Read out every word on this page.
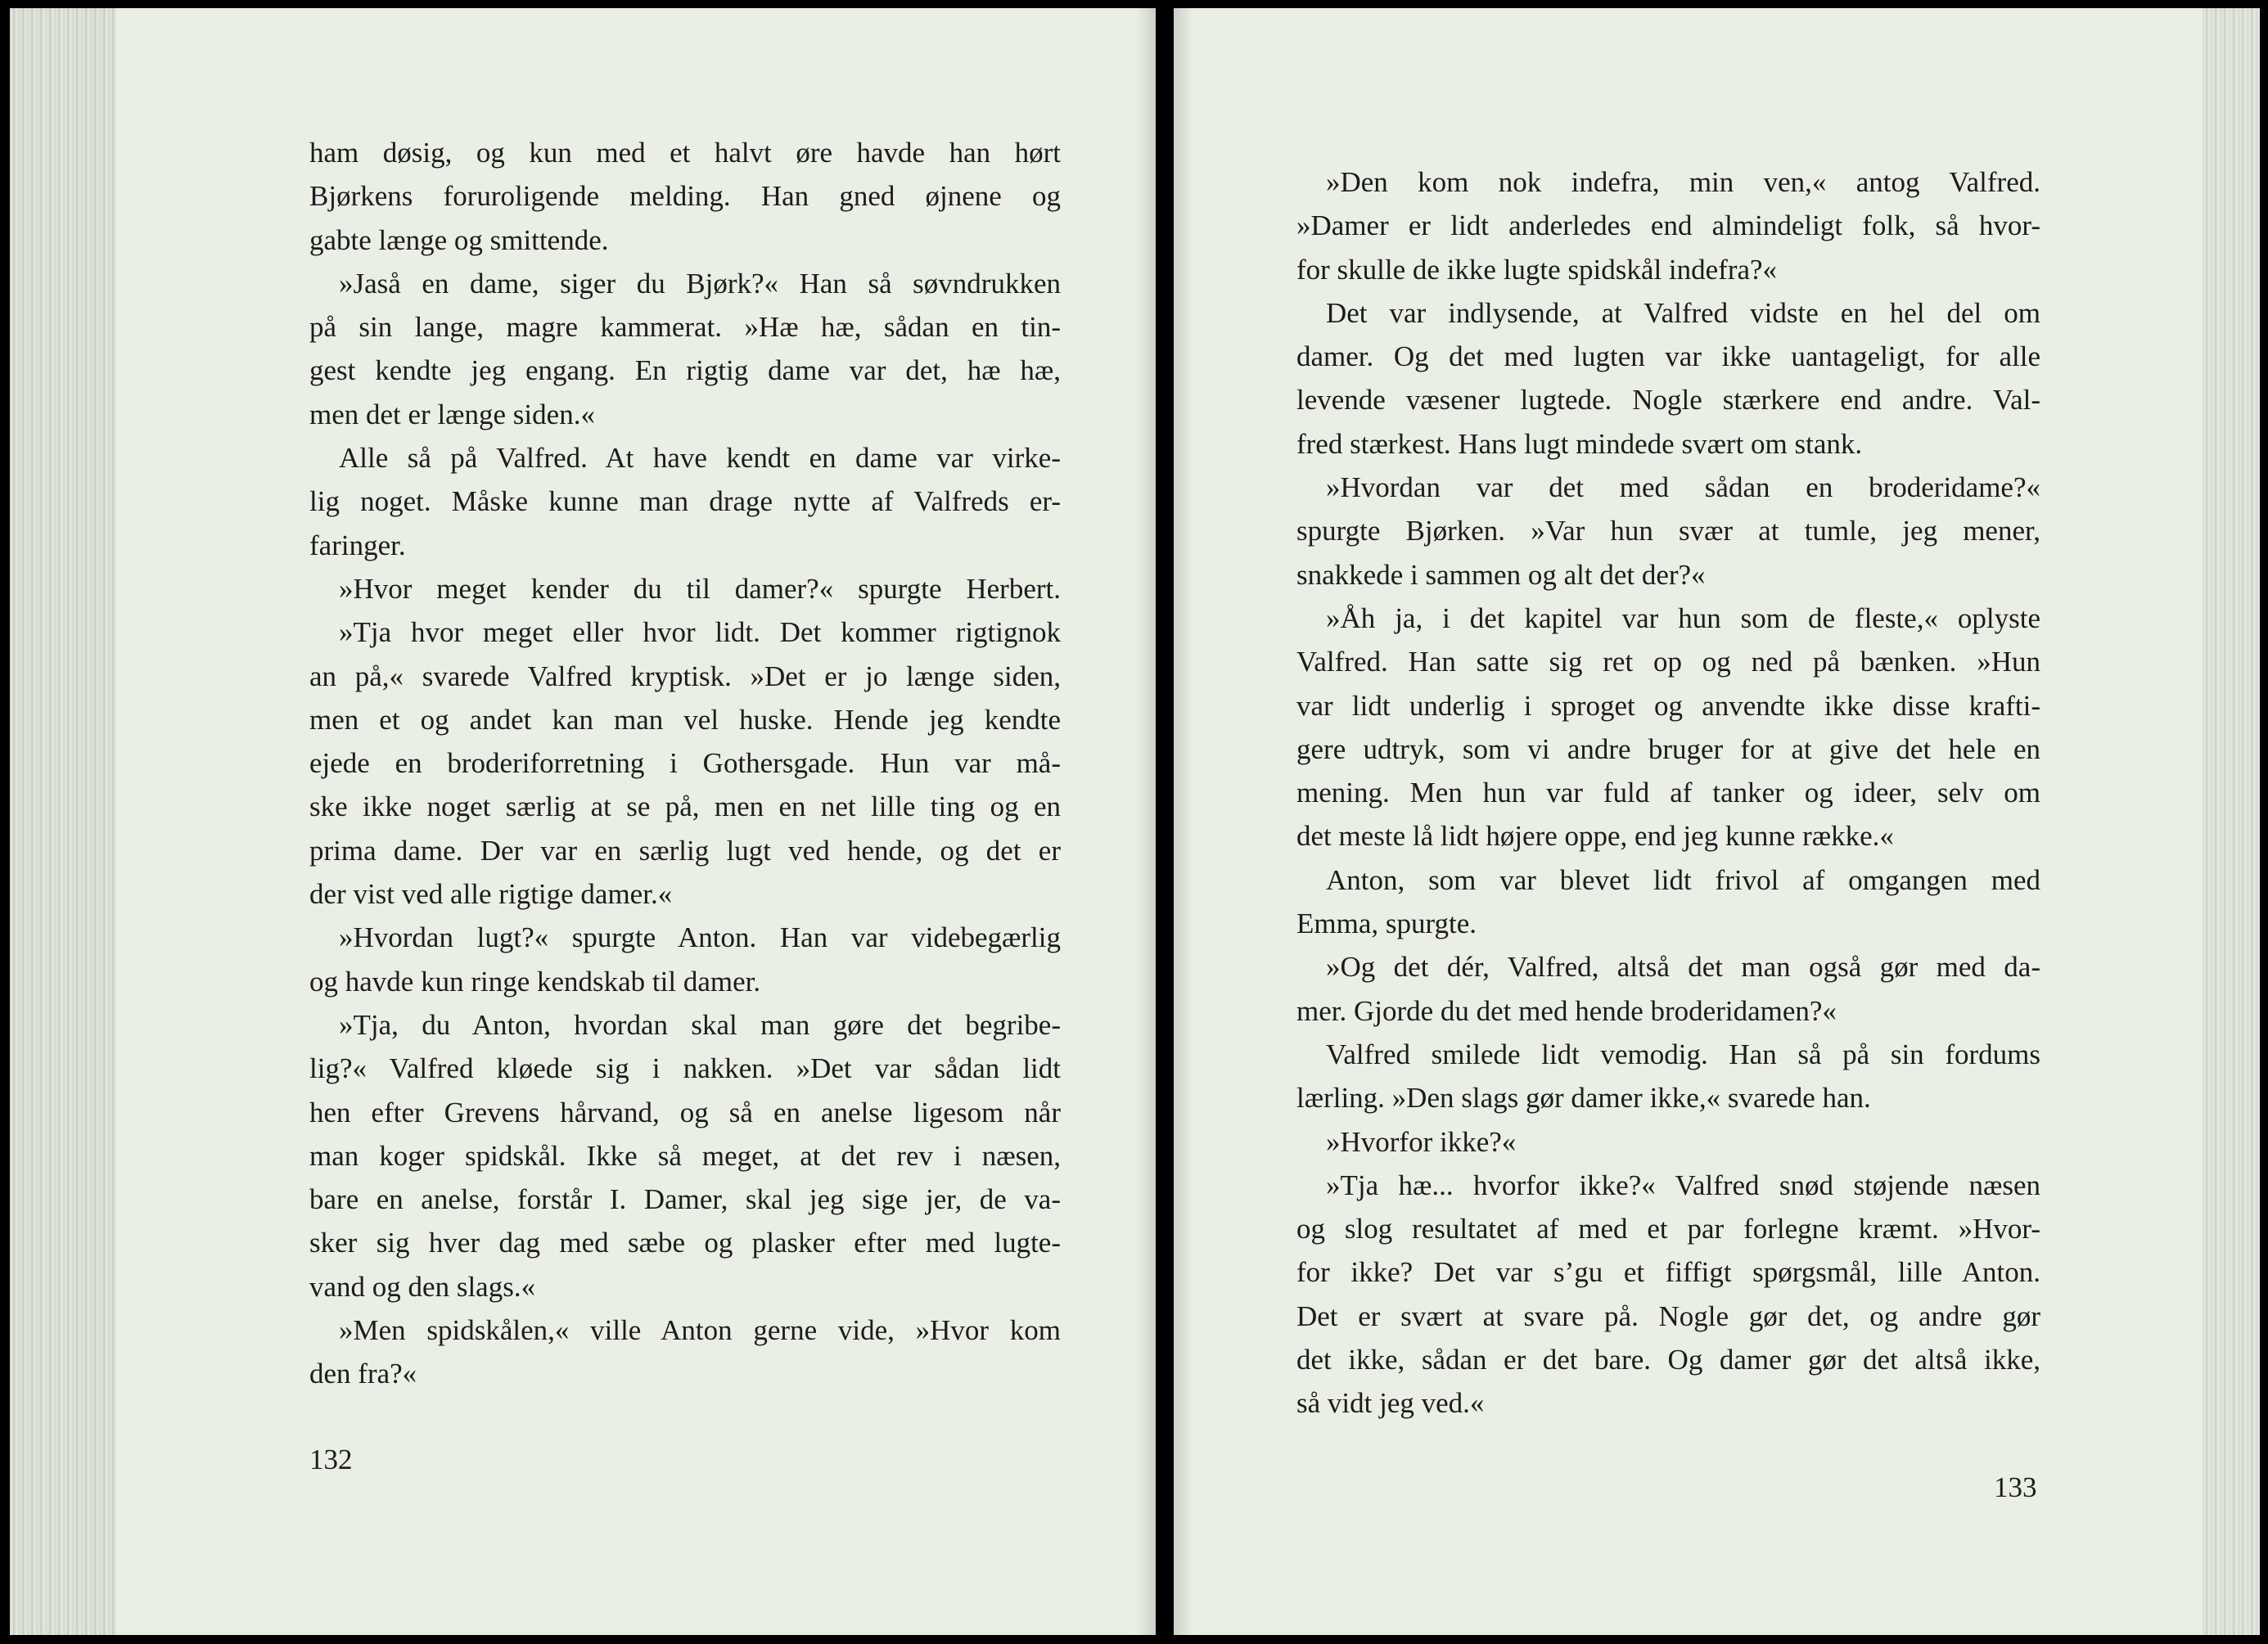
ham døsig, og kun med et halvt øre havde han hørt
Bjørkens foruroligende melding. Han gned øjnene og
gabte længe og smittende.
»Jaså en dame, siger du Bjørk?« Han så søvndrukken
på sin lange, magre kammerat. »Hæ hæ, sådan en tin-
gest kendte jeg engang. En rigtig dame var det, hæ hæ,
men det er længe siden.«
Alle så på Valfred. At have kendt en dame var virke-
lig noget. Måske kunne man drage nytte af Valfreds er-
faringer.
»Hvor meget kender du til damer?« spurgte Herbert.
»Tja hvor meget eller hvor lidt. Det kommer rigtignok
an på,« svarede Valfred kryptisk. »Det er jo længe siden,
men et og andet kan man vel huske. Hende jeg kendte
ejede en broderiforretning i Gothersgade. Hun var må-
ske ikke noget særlig at se på, men en net lille ting og en
prima dame. Der var en særlig lugt ved hende, og det er
der vist ved alle rigtige damer.«
»Hvordan lugt?« spurgte Anton. Han var videbegærlig
og havde kun ringe kendskab til damer.
»Tja, du Anton, hvordan skal man gøre det begribe-
lig?« Valfred kløede sig i nakken. »Det var sådan lidt
hen efter Grevens hårvand, og så en anelse ligesom når
man koger spidskål. Ikke så meget, at det rev i næsen,
bare en anelse, forstår I. Damer, skal jeg sige jer, de va-
sker sig hver dag med sæbe og plasker efter med lugte-
vand og den slags.«
»Men spidskålen,« ville Anton gerne vide, »Hvor kom
den fra?«
132
»Den kom nok indefra, min ven,« antog Valfred.
»Damer er lidt anderledes end almindeligt folk, så hvor-
for skulle de ikke lugte spidskål indefra?«
Det var indlysende, at Valfred vidste en hel del om
damer. Og det med lugten var ikke uantageligt, for alle
levende væsener lugtede. Nogle stærkere end andre. Val-
fred stærkest. Hans lugt mindede svært om stank.
»Hvordan var det med sådan en broderidame?«
spurgte Bjørken. »Var hun svær at tumle, jeg mener,
snakkede i sammen og alt det der?«
»Åh ja, i det kapitel var hun som de fleste,« oplyste
Valfred. Han satte sig ret op og ned på bænken. »Hun
var lidt underlig i sproget og anvendte ikke disse krafti-
gere udtryk, som vi andre bruger for at give det hele en
mening. Men hun var fuld af tanker og ideer, selv om
det meste lå lidt højere oppe, end jeg kunne række.«
Anton, som var blevet lidt frivol af omgangen med
Emma, spurgte.
»Og det dér, Valfred, altså det man også gør med da-
mer. Gjorde du det med hende broderidamen?«
Valfred smilede lidt vemodig. Han så på sin fordums
lærling. »Den slags gør damer ikke,« svarede han.
»Hvorfor ikke?«
»Tja hæ... hvorfor ikke?« Valfred snød støjende næsen
og slog resultatet af med et par forlegne kræmt. »Hvor-
for ikke? Det var s’gu et fiffigt spørgsmål, lille Anton.
Det er svært at svare på. Nogle gør det, og andre gør
det ikke, sådan er det bare. Og damer gør det altså ikke,
så vidt jeg ved.«
133
